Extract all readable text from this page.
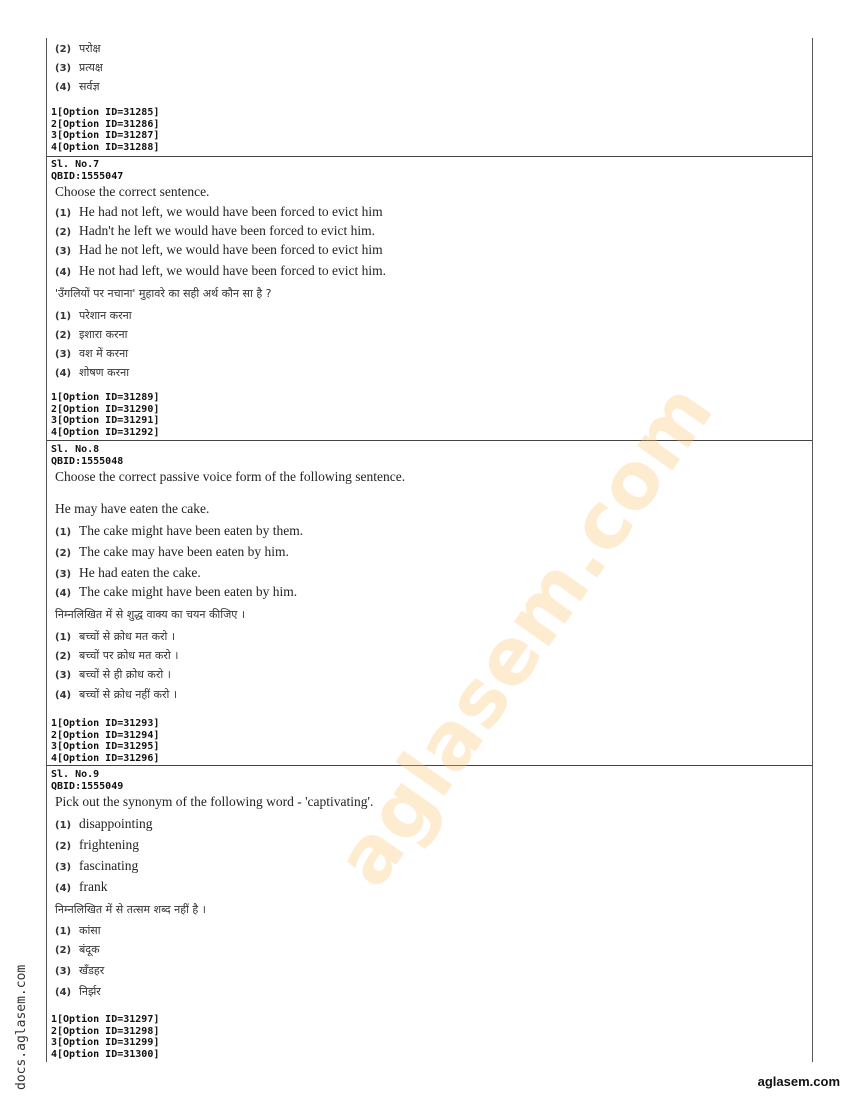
(2) परोक्ष
(3) प्रत्यक्ष
(4) सर्वज्ञ
1[Option ID=31285]
2[Option ID=31286]
3[Option ID=31287]
4[Option ID=31288]
Sl. No.7
QBID:1555047
Choose the correct sentence.
(1) He had not left, we would have been forced to evict him
(2) Hadn't he left we would have been forced to evict him.
(3) Had he not left, we would have been forced to evict him
(4) He not had left, we would have been forced to evict him.
'उँगलियों पर नचाना' मुहावरे का सही अर्थ कौन सा है ?
(1) परेशान करना
(2) इशारा करना
(3) वश में करना
(4) शोषण करना
1[Option ID=31289]
2[Option ID=31290]
3[Option ID=31291]
4[Option ID=31292]
Sl. No.8
QBID:1555048
Choose the correct passive voice form of the following sentence.
He may have eaten the cake.
(1) The cake might have been eaten by them.
(2) The cake may have been eaten by him.
(3) He had eaten the cake.
(4) The cake might have been eaten by him.
निम्नलिखित में से शुद्ध वाक्य का चयन कीजिए ।
(1) बच्चों से क्रोध मत करो ।
(2) बच्चों पर क्रोध मत करो ।
(3) बच्चों से ही क्रोध करो ।
(4) बच्चों से क्रोध नहीं करो ।
1[Option ID=31293]
2[Option ID=31294]
3[Option ID=31295]
4[Option ID=31296]
Sl. No.9
QBID:1555049
Pick out the synonym of the following word - 'captivating'.
(1) disappointing
(2) frightening
(3) fascinating
(4) frank
निम्नलिखित में से तत्सम शब्द नहीं है ।
(1) कांसा
(2) बंदूक
(3) खँडहर
(4) निर्झर
1[Option ID=31297]
2[Option ID=31298]
3[Option ID=31299]
4[Option ID=31300]
aglasem.com
docs.aglasem.com	aglasem.com
